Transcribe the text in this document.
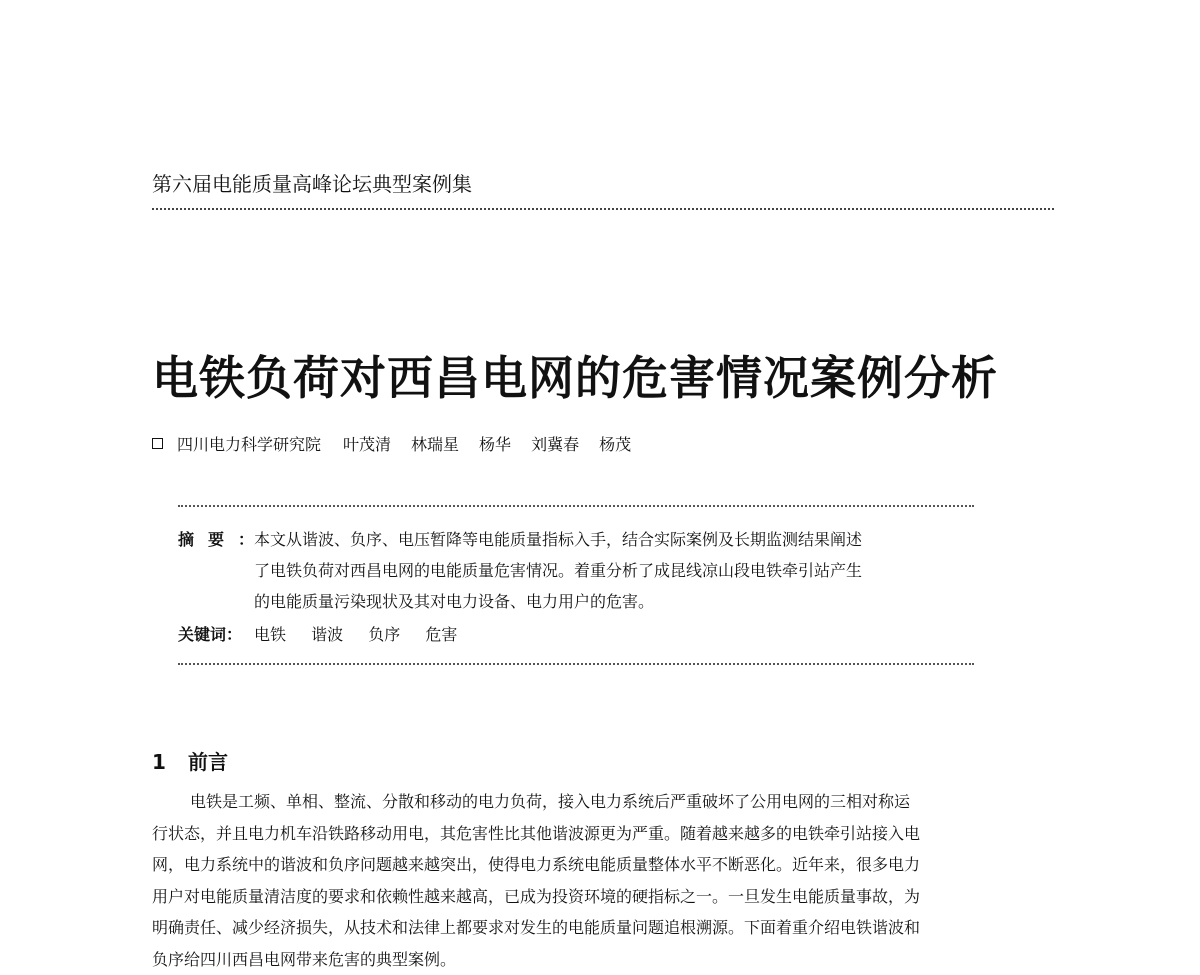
第六届电能质量高峰论坛典型案例集
电铁负荷对西昌电网的危害情况案例分析
四川电力科学研究院 叶茂清 林瑞星 杨华 刘冀春 杨茂
摘要：
本文从谐波、负序、电压暂降等电能质量指标入手，结合实际案例及长期监测结果阐述
了电铁负荷对西昌电网的电能质量危害情况。着重分析了成昆线凉山段电铁牵引站产生
的电能质量污染现状及其对电力设备、电力用户的危害。
关键词： 电铁 谐波 负序 危害
1	前言
电铁是工频、单相、整流、分散和移动的电力负荷，接入电力系统后严重破坏了公用电网的三相对称运
行状态，并且电力机车沿铁路移动用电，其危害性比其他谐波源更为严重。随着越来越多的电铁牵引站接入电
网，电力系统中的谐波和负序问题越来越突出，使得电力系统电能质量整体水平不断恶化。近年来，很多电力
用户对电能质量清洁度的要求和依赖性越来越高，已成为投资环境的硬指标之一。一旦发生电能质量事故，为
明确责任、减少经济损失，从技术和法律上都要求对发生的电能质量问题追根溯源。下面着重介绍电铁谐波和
负序给四川西昌电网带来危害的典型案例。
